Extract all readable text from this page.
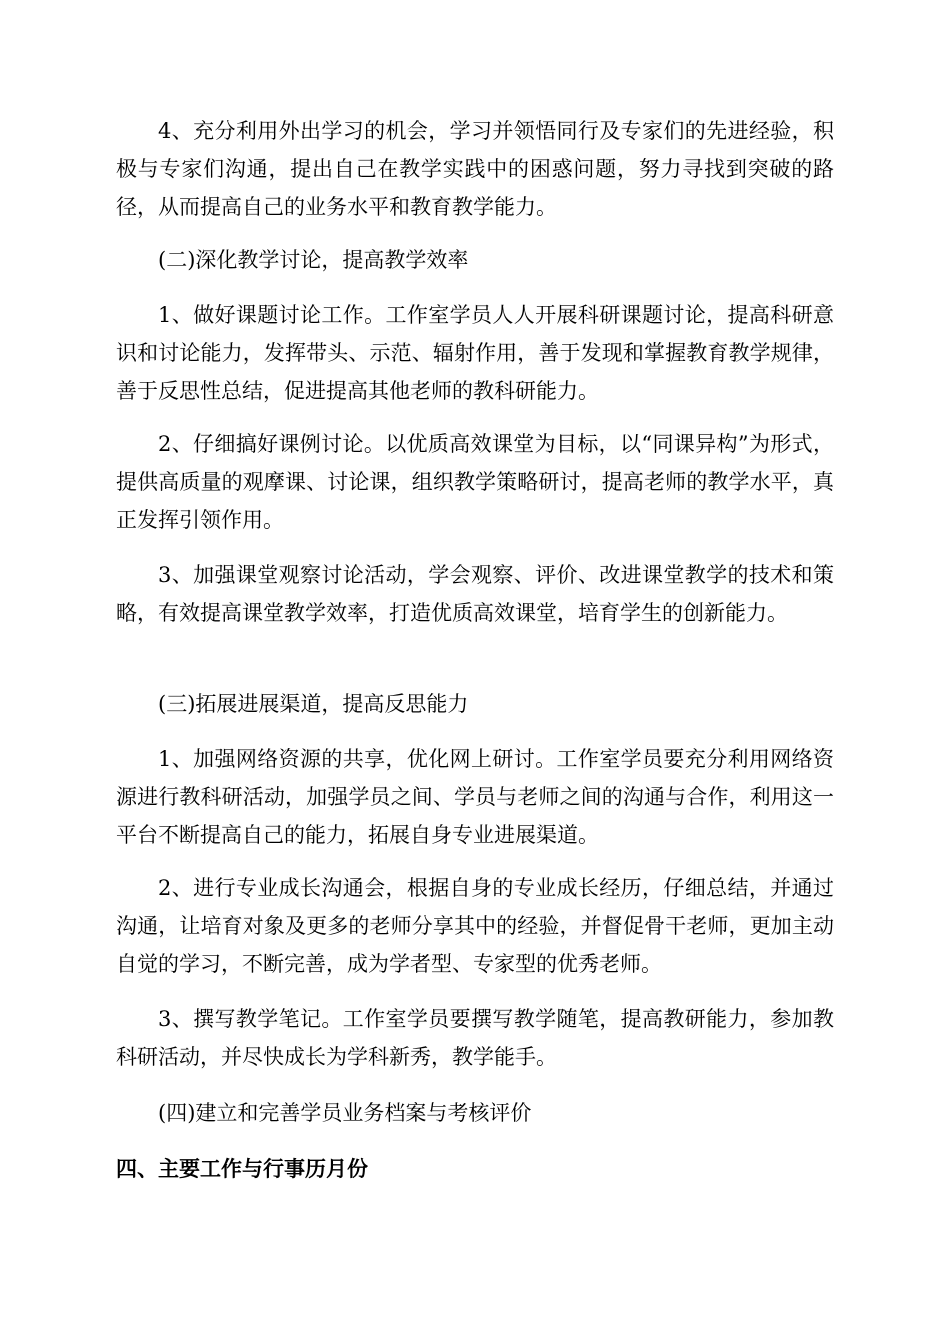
4、充分利用外出学习的机会，学习并领悟同行及专家们的先进经验，积极与专家们沟通，提出自己在教学实践中的困惑问题，努力寻找到突破的路径，从而提高自己的业务水平和教育教学能力。

(二)深化教学讨论，提高教学效率

1、做好课题讨论工作。工作室学员人人开展科研课题讨论，提高科研意识和讨论能力，发挥带头、示范、辐射作用，善于发现和掌握教育教学规律，善于反思性总结，促进提高其他老师的教科研能力。

2、仔细搞好课例讨论。以优质高效课堂为目标，以“同课异构”为形式，提供高质量的观摩课、讨论课，组织教学策略研讨，提高老师的教学水平，真正发挥引领作用。

3、加强课堂观察讨论活动，学会观察、评价、改进课堂教学的技术和策略，有效提高课堂教学效率，打造优质高效课堂，培育学生的创新能力。

(三)拓展进展渠道，提高反思能力

1、加强网络资源的共享，优化网上研讨。工作室学员要充分利用网络资源进行教科研活动，加强学员之间、学员与老师之间的沟通与合作，利用这一平台不断提高自己的能力，拓展自身专业进展渠道。

2、进行专业成长沟通会，根据自身的专业成长经历，仔细总结，并通过沟通，让培育对象及更多的老师分享其中的经验，并督促骨干老师，更加主动自觉的学习，不断完善，成为学者型、专家型的优秀老师。

3、撰写教学笔记。工作室学员要撰写教学随笔，提高教研能力，参加教科研活动，并尽快成长为学科新秀，教学能手。

(四)建立和完善学员业务档案与考核评价

四、主要工作与行事历月份
